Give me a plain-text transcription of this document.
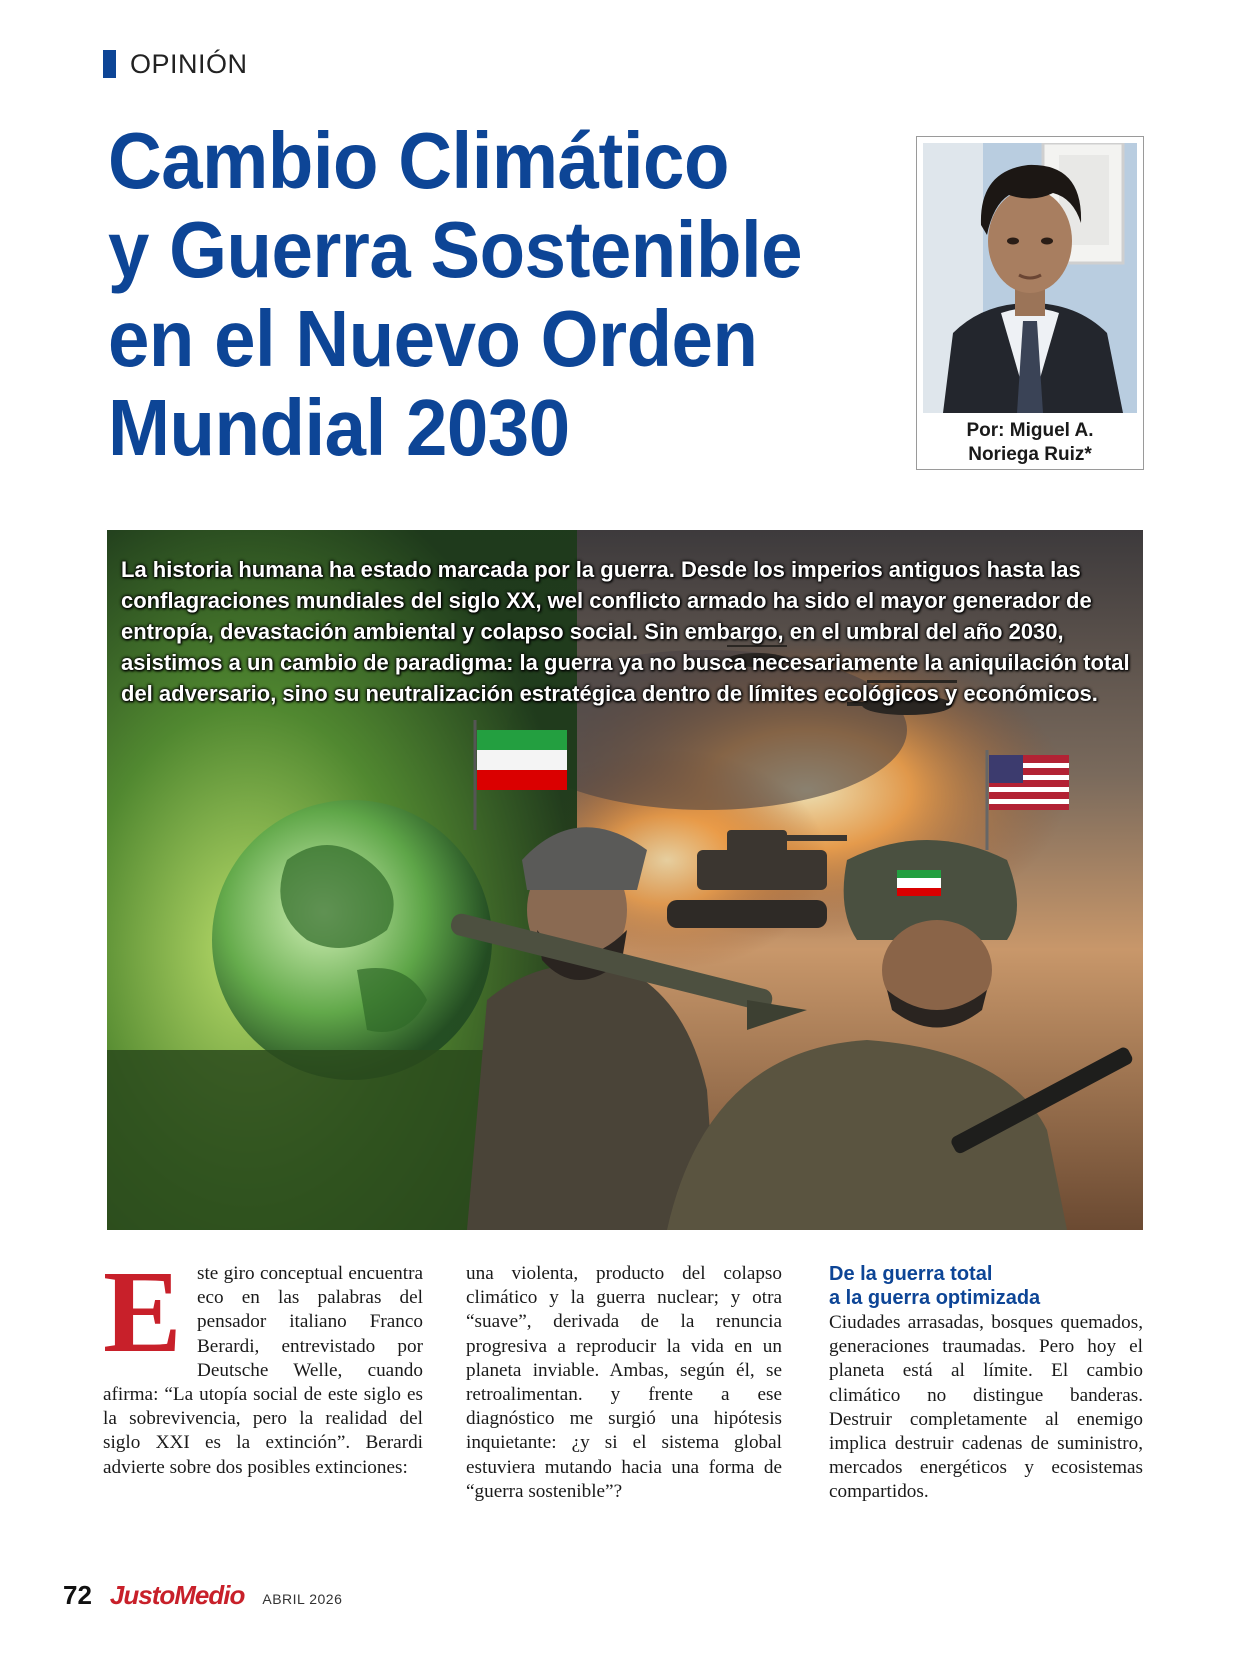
OPINIÓN
Cambio Climático
y Guerra Sostenible
en el Nuevo Orden
Mundial 2030	Por: Miguel A.
Noriega Ruiz*

La historia humana ha estado marcada por la guerra. Desde los imperios antiguos hasta las conflagraciones mundiales del siglo XX, wel conflicto armado ha sido el mayor generador de entropía, devastación ambiental y colapso social. Sin embargo, en el umbral del año 2030, asistimos a un cambio de paradigma: la guerra ya no busca necesariamente la aniquilación total del adversario, sino su neutralización estratégica dentro de límites ecológicos y económicos.

E ste giro conceptual encuentra eco en las palabras del pensador italiano Franco Berardi, entrevistado por Deutsche Welle, cuando afirma: “La utopía social de este siglo es la sobrevivencia, pero la realidad del siglo XXI es la extinción”. Berardi advierte sobre dos posibles extinciones:

una violenta, producto del colapso climático y la guerra nuclear; y otra “suave”, derivada de la renuncia progresiva a reproducir la vida en un planeta inviable. Ambas, según él, se retroalimentan. y frente a ese diagnóstico me surgió una hipótesis inquietante: ¿y si el sistema global estuviera mutando hacia una forma de “guerra sostenible”?

De la guerra total
a la guerra optimizada

Ciudades arrasadas, bosques quemados, generaciones traumadas. Pero hoy el planeta está al límite. El cambio climático no distingue banderas. Destruir completamente al enemigo implica destruir cadenas de suministro, mercados energéticos y ecosistemas compartidos.

72 JustoMedio ABRIL 2026
